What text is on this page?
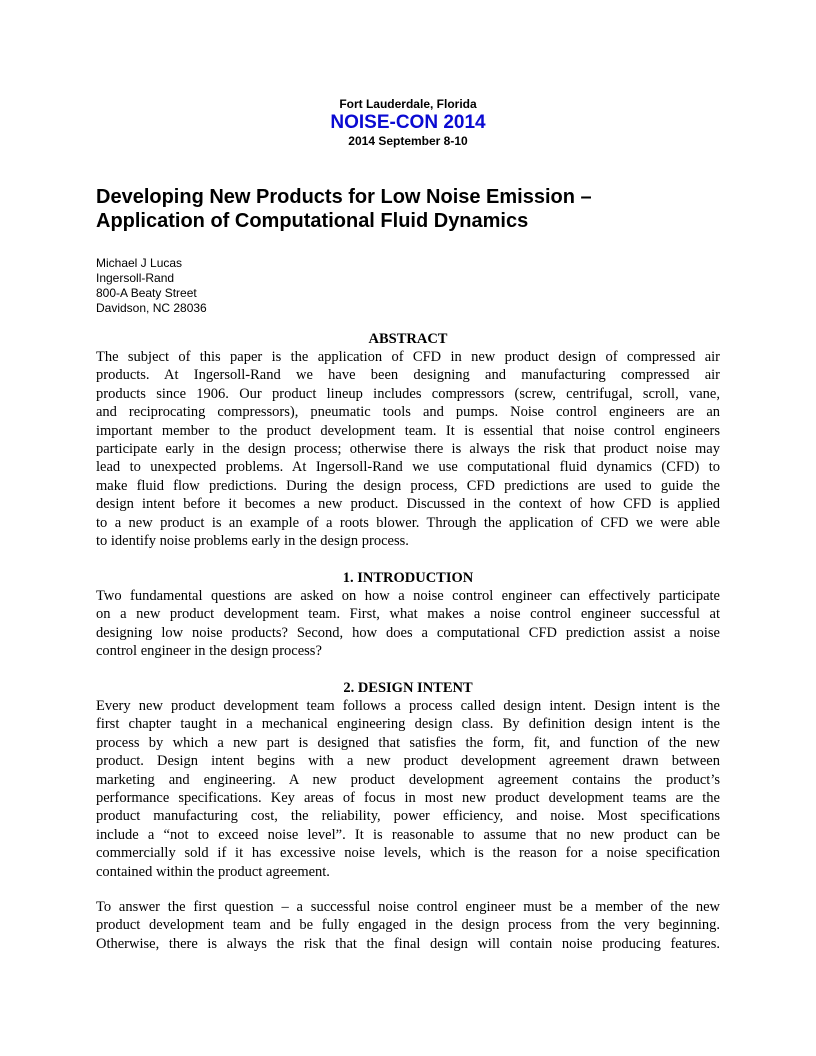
Fort Lauderdale, Florida
NOISE-CON 2014
2014 September 8-10
Developing New Products for Low Noise Emission –
Application of Computational Fluid Dynamics
Michael J Lucas
Ingersoll-Rand
800-A Beaty Street
Davidson, NC 28036
ABSTRACT
The subject of this paper is the application of CFD in new product design of compressed air
products. At Ingersoll-Rand we have been designing and manufacturing compressed air
products since 1906. Our product lineup includes compressors (screw, centrifugal, scroll, vane,
and reciprocating compressors), pneumatic tools and pumps. Noise control engineers are an
important member to the product development team. It is essential that noise control engineers
participate early in the design process; otherwise there is always the risk that product noise may
lead to unexpected problems. At Ingersoll-Rand we use computational fluid dynamics (CFD) to
make fluid flow predictions. During the design process, CFD predictions are used to guide the
design intent before it becomes a new product. Discussed in the context of how CFD is applied
to a new product is an example of a roots blower. Through the application of CFD we were able
to identify noise problems early in the design process.
1. INTRODUCTION
Two fundamental questions are asked on how a noise control engineer can effectively participate
on a new product development team. First, what makes a noise control engineer successful at
designing low noise products? Second, how does a computational CFD prediction assist a noise
control engineer in the design process?
2. DESIGN INTENT
Every new product development team follows a process called design intent. Design intent is the
first chapter taught in a mechanical engineering design class. By definition design intent is the
process by which a new part is designed that satisfies the form, fit, and function of the new
product. Design intent begins with a new product development agreement drawn between
marketing and engineering. A new product development agreement contains the product’s
performance specifications. Key areas of focus in most new product development teams are the
product manufacturing cost, the reliability, power efficiency, and noise. Most specifications
include a “not to exceed noise level”. It is reasonable to assume that no new product can be
commercially sold if it has excessive noise levels, which is the reason for a noise specification
contained within the product agreement.
To answer the first question – a successful noise control engineer must be a member of the new
product development team and be fully engaged in the design process from the very beginning.
Otherwise, there is always the risk that the final design will contain noise producing features.
